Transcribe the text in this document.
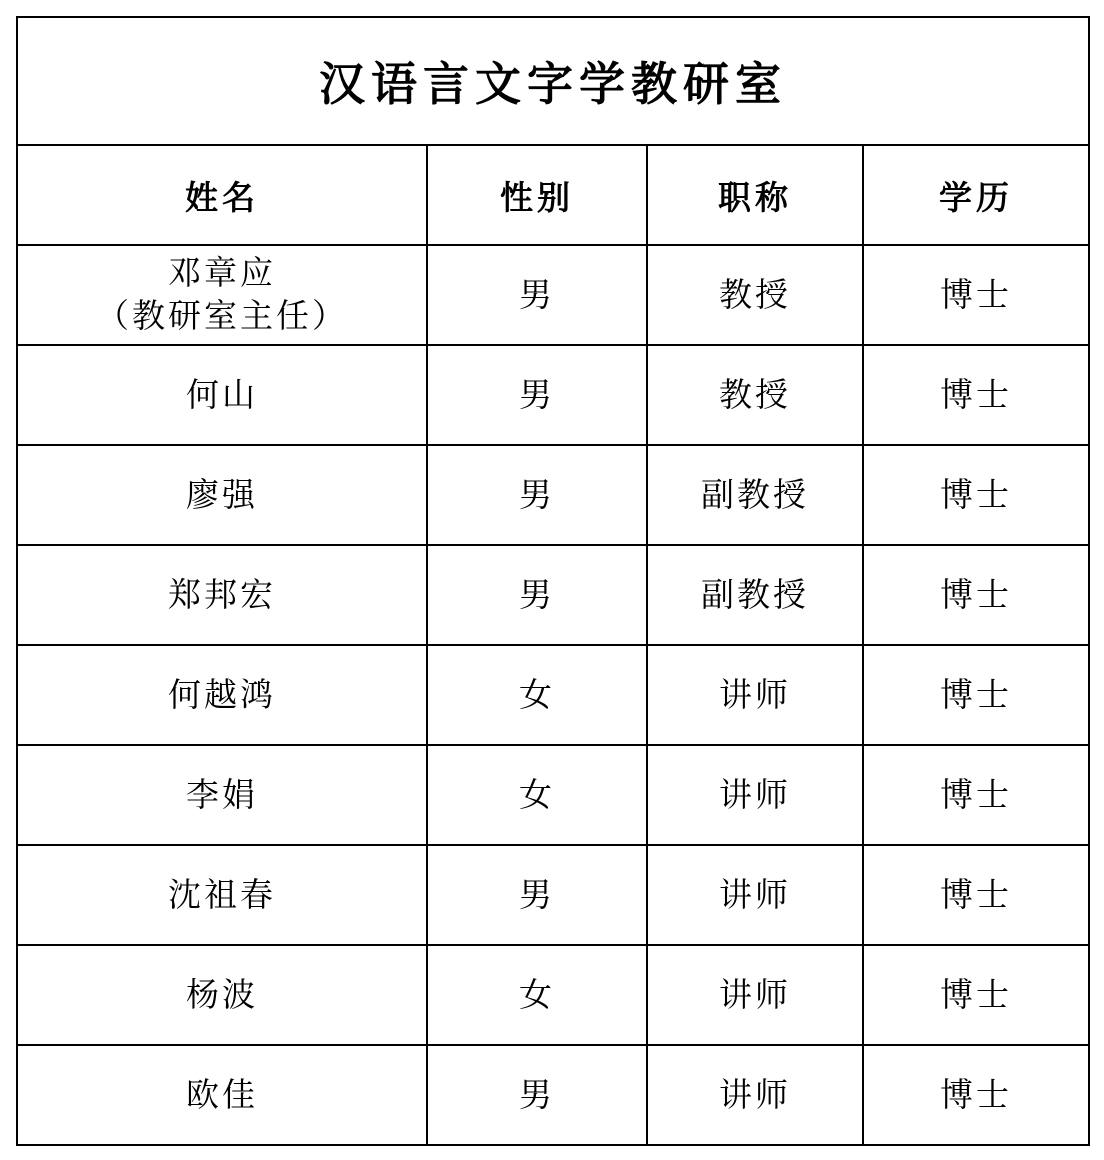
汉语言文字学教研室			
姓名	性别	职称	学历

邓章应
（教研室主任）	男	教授	博士
何山	男	教授	博士
廖强	男	副教授	博士
郑邦宏	男	副教授	博士
何越鸿	女	讲师	博士
李娟	女	讲师	博士
沈祖春	男	讲师	博士
杨波	女	讲师	博士
欧佳	男	讲师	博士
